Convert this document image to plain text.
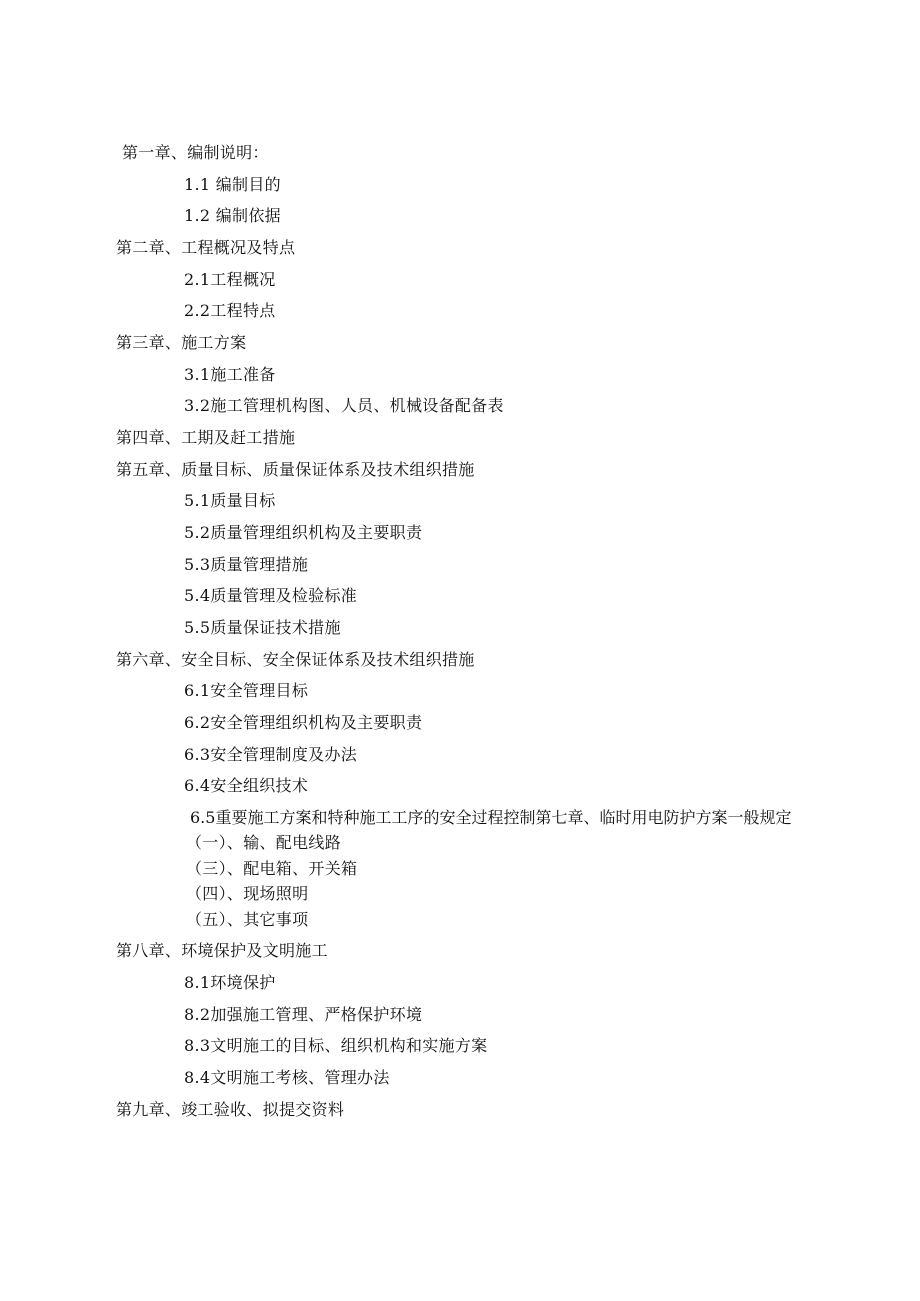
第一章、编制说明：
1.1 编制目的
1.2 编制依据
第二章、工程概况及特点
2.1工程概况
2.2工程特点
第三章、施工方案
3.1施工准备
3.2施工管理机构图、人员、机械设备配备表
第四章、工期及赶工措施
第五章、质量目标、质量保证体系及技术组织措施
5.1质量目标
5.2质量管理组织机构及主要职责
5.3质量管理措施
5.4质量管理及检验标准
5.5质量保证技术措施
第六章、安全目标、安全保证体系及技术组织措施
6.1安全管理目标
6.2安全管理组织机构及主要职责
6.3安全管理制度及办法
6.4安全组织技术
6.5重要施工方案和特种施工工序的安全过程控制第七章、临时用电防护方案一般规定
（一）、输、配电线路
（三）、配电箱、开关箱
（四）、现场照明
（五）、其它事项
第八章、环境保护及文明施工
8.1环境保护
8.2加强施工管理、严格保护环境
8.3文明施工的目标、组织机构和实施方案
8.4文明施工考核、管理办法
第九章、竣工验收、拟提交资料
